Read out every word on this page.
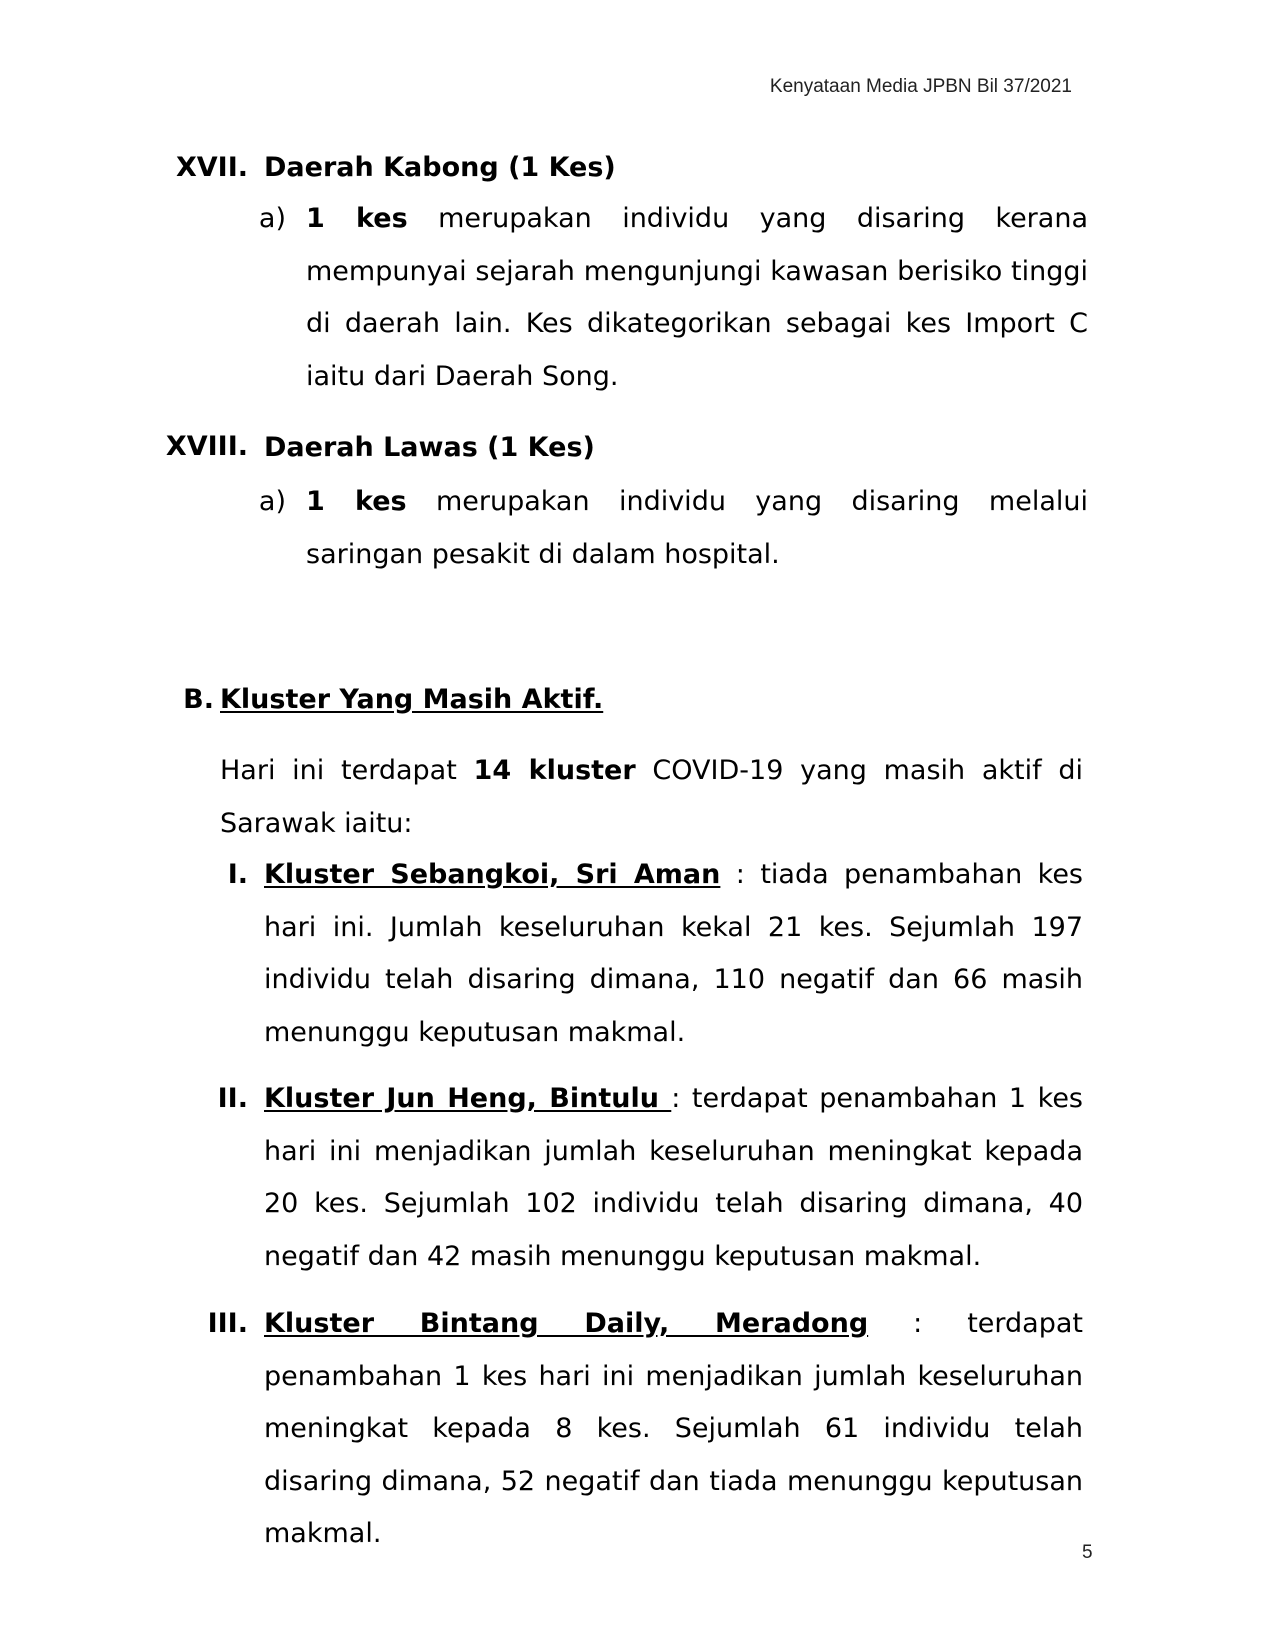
Kenyataan Media JPBN Bil 37/2021
XVII. Daerah Kabong (1 Kes)
a) 1 kes merupakan individu yang disaring kerana mempunyai sejarah mengunjungi kawasan berisiko tinggi di daerah lain. Kes dikategorikan sebagai kes Import C iaitu dari Daerah Song.
XVIII. Daerah Lawas (1 Kes)
a) 1 kes merupakan individu yang disaring melalui saringan pesakit di dalam hospital.
B. Kluster Yang Masih Aktif.
Hari ini terdapat 14 kluster COVID-19 yang masih aktif di Sarawak iaitu:
I. Kluster Sebangkoi, Sri Aman : tiada penambahan kes hari ini. Jumlah keseluruhan kekal 21 kes. Sejumlah 197 individu telah disaring dimana, 110 negatif dan 66 masih menunggu keputusan makmal.
II. Kluster Jun Heng, Bintulu : terdapat penambahan 1 kes hari ini menjadikan jumlah keseluruhan meningkat kepada 20 kes. Sejumlah 102 individu telah disaring dimana, 40 negatif dan 42 masih menunggu keputusan makmal.
III. Kluster Bintang Daily, Meradong : terdapat penambahan 1 kes hari ini menjadikan jumlah keseluruhan meningkat kepada 8 kes. Sejumlah 61 individu telah disaring dimana, 52 negatif dan tiada menunggu keputusan makmal.
5
